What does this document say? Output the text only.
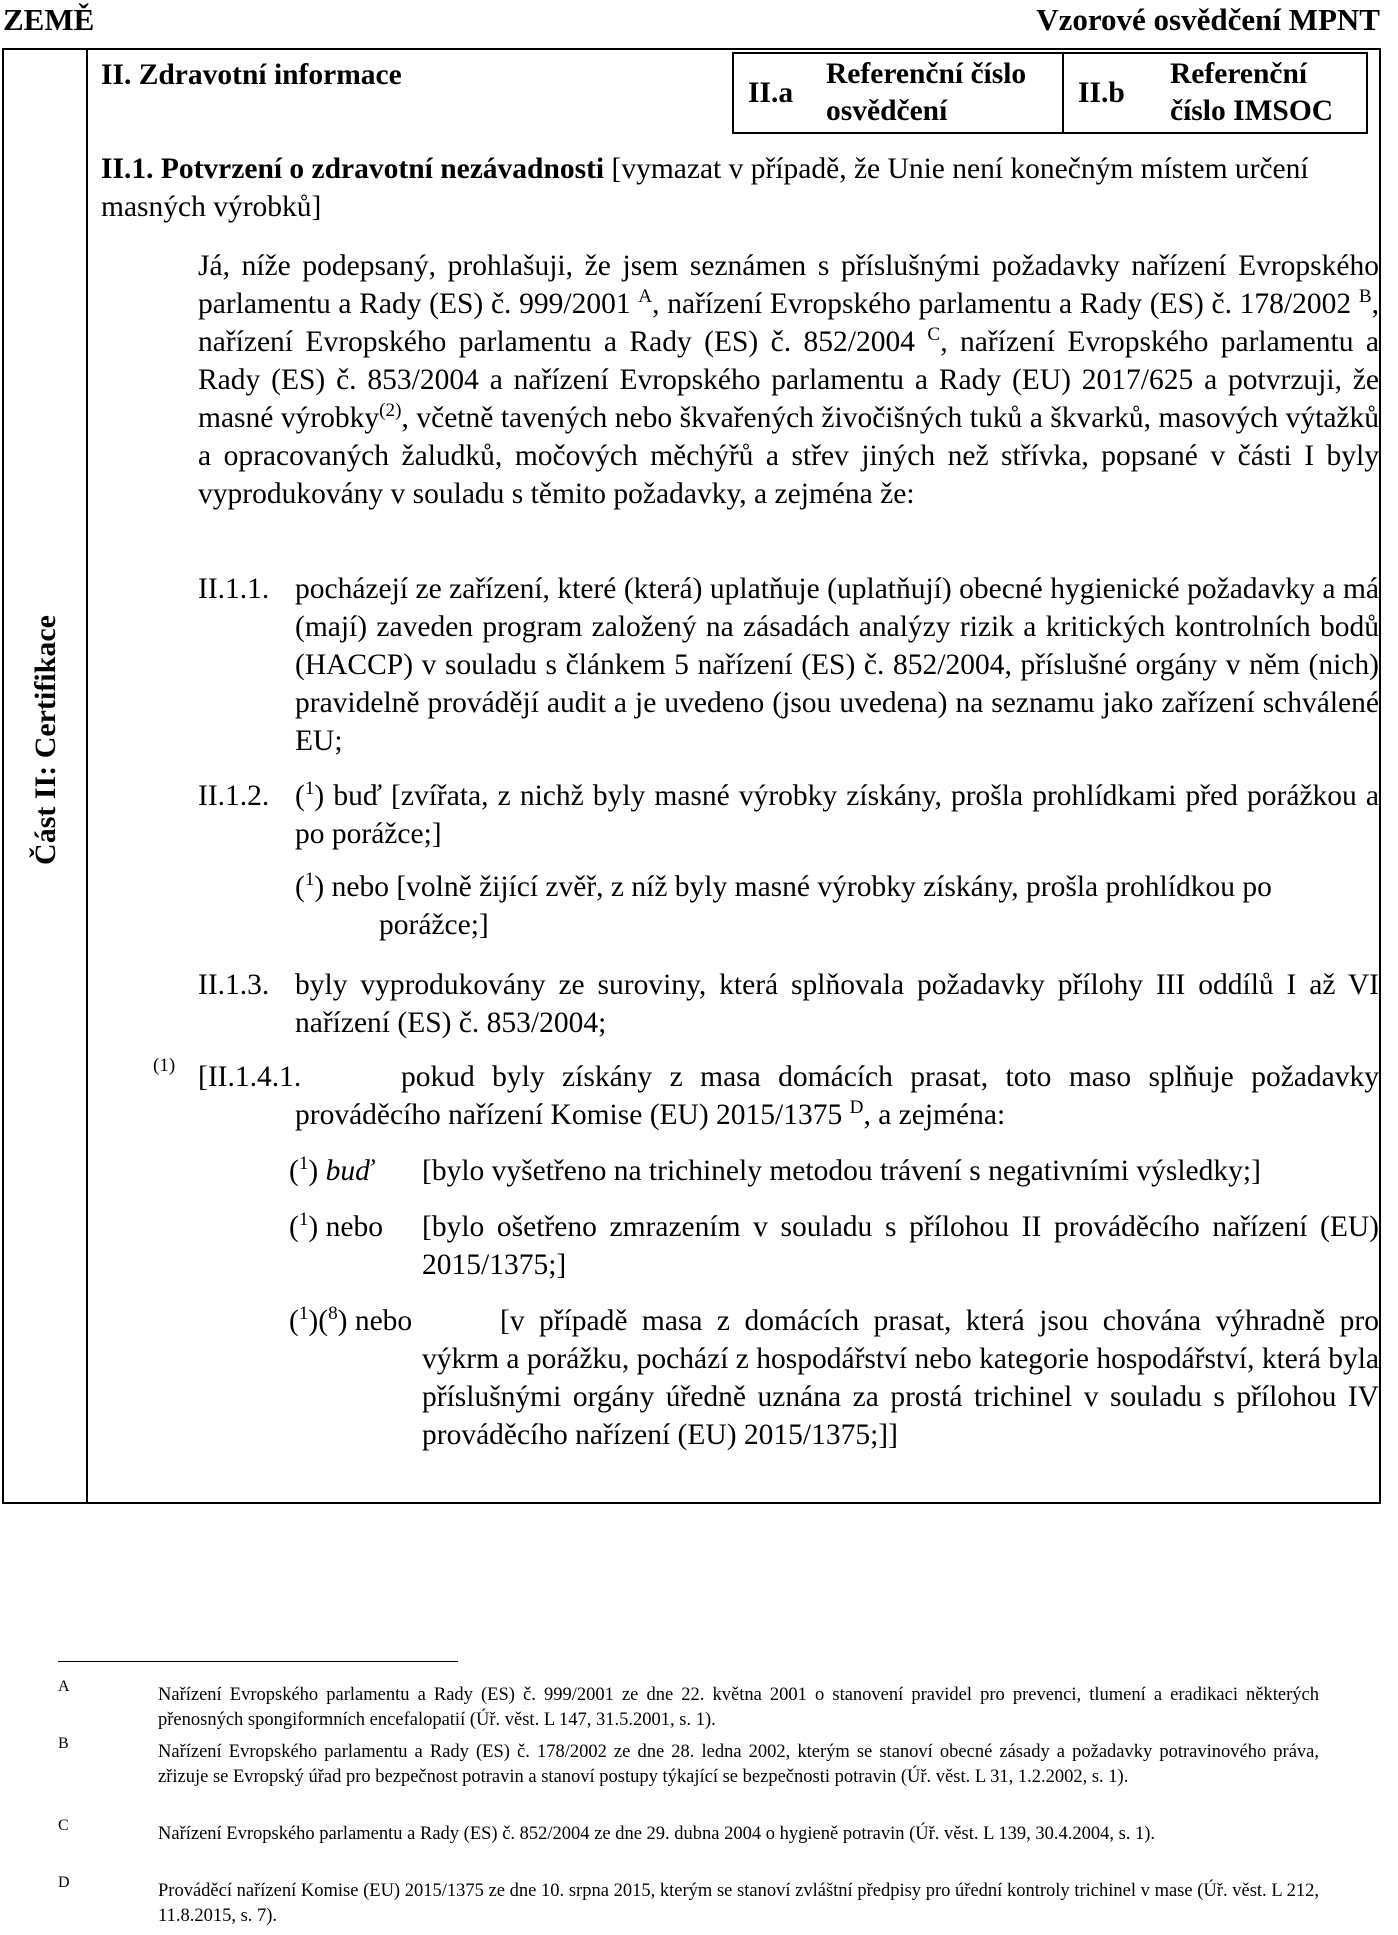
ZEMĚ	Vzorové osvědčení MPNT
Část II: Certifikace
II. Zdravotní informace
II.a
Referenční číslo osvědčení
II.b
Referenční číslo IMSOC
II.1. Potvrzení o zdravotní nezávadnosti [vymazat v případě, že Unie není konečným místem určení masných výrobků]
Já, níže podepsaný, prohlašuji, že jsem seznámen s příslušnými požadavky nařízení Evropského parlamentu a Rady (ES) č. 999/2001 $^A$, nařízení Evropského parlamentu a Rady (ES) č. 178/2002 $^B$, nařízení Evropského parlamentu a Rady (ES) č. 852/2004 $^C$, nařízení Evropského parlamentu a Rady (ES) č. 853/2004 a nařízení Evropského parlamentu a Rady (EU) 2017/625 a potvrzuji, že masné výrobky$^{(2)}$, včetně tavených nebo škvařených živočišných tuků a škvarků, masových výtažků a opracovaných žaludků, močových měchýřů a střev jiných než střívka, popsané v části I byly vyprodukovány v souladu s těmito požadavky, a zejména že:
II.1.1. pocházejí ze zařízení, které (která) uplatňuje (uplatňují) obecné hygienické požadavky a má (mají) zaveden program založený na zásadách analýzy rizik a kritických kontrolních bodů (HACCP) v souladu s článkem 5 nařízení (ES) č. 852/2004, příslušné orgány v něm (nich) pravidelně provádějí audit a je uvedeno (jsou uvedena) na seznamu jako zařízení schválené EU;
II.1.2. ($^1$) buď [zvířata, z nichž byly masné výrobky získány, prošla prohlídkami před porážkou a po porážce;]
($^1$) nebo [volně žijící zvěř, z níž byly masné výrobky získány, prošla prohlídkou po porážce;]
II.1.3. byly vyprodukovány ze suroviny, která splňovala požadavky přílohy III oddílů I až VI nařízení (ES) č. 853/2004;
(1) [II.1.4.1.	pokud byly získány z masa domácích prasat, toto maso splňuje požadavky prováděcího nařízení Komise (EU) 2015/1375 $^D$, a zejména:
($^1$) buď [bylo vyšetřeno na trichinely metodou trávení s negativními výsledky;]
($^1$) nebo [bylo ošetřeno zmrazením v souladu s přílohou II prováděcího nařízení (EU) 2015/1375;]
($^1$)($^8$) nebo	[v případě masa z domácích prasat, která jsou chována výhradně pro výkrm a porážku, pochází z hospodářství nebo kategorie hospodářství, která byla příslušnými orgány úředně uznána za prostá trichinel v souladu s přílohou IV prováděcího nařízení (EU) 2015/1375;]]
A	Nařízení Evropského parlamentu a Rady (ES) č. 999/2001 ze dne 22. května 2001 o stanovení pravidel pro prevenci, tlumení a eradikaci některých přenosných spongiformních encefalopatií (Úř. věst. L 147, 31.5.2001, s. 1).
B	Nařízení Evropského parlamentu a Rady (ES) č. 178/2002 ze dne 28. ledna 2002, kterým se stanoví obecné zásady a požadavky potravinového práva, zřizuje se Evropský úřad pro bezpečnost potravin a stanoví postupy týkající se bezpečnosti potravin (Úř. věst. L 31, 1.2.2002, s. 1).
C	Nařízení Evropského parlamentu a Rady (ES) č. 852/2004 ze dne 29. dubna 2004 o hygieně potravin (Úř. věst. L 139, 30.4.2004, s. 1).
D	Prováděcí nařízení Komise (EU) 2015/1375 ze dne 10. srpna 2015, kterým se stanoví zvláštní předpisy pro úřední kontroly trichinel v mase (Úř. věst. L 212, 11.8.2015, s. 7).
